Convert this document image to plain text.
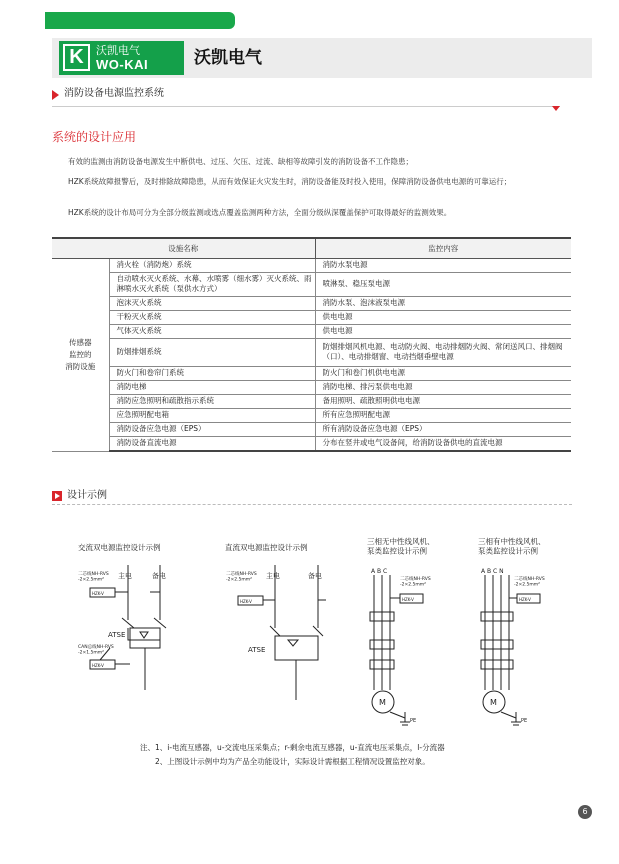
K	沃凯电气
WO-KAI	沃凯电气
消防设备电源监控系统
系统的设计应用
有效的监测由消防设备电源发生中断供电、过压、欠压、过流、缺相等故障引发的消防设备不工作隐患；
HZK系统故障报警后，及时排除故障隐患，从而有效保证火灾发生时，消防设备能及时投入使用，保障消防设备供电电源的可靠运行；
HZK系统的设计布局可分为全部分级监测或选点覆盖监测两种方法，全面分级纵深覆盖保护可取得最好的监测效果。
设施名称		监控内容
传感器
监控的
消防设施	消火栓（消防炮）系统	消防水泵电源
	自动喷水灭火系统、水幕、水喷雾（细水雾）灭火系统、雨淋喷水灭火系统（泵供水方式）	喷淋泵、稳压泵电源
	泡沫灭火系统	消防水泵、泡沫液泵电源
	干粉灭火系统	供电电源
	气体灭火系统	供电电源
	防烟排烟系统	防烟排烟风机电源、电动防火阀、电动排烟防火阀、常闭送风口、排烟阀（口）、电动排烟窗、电动挡烟垂壁电源
	防火门和卷帘门系统	防火门和卷门机供电电源
	消防电梯	消防电梯、排污泵供电电源
	消防应急照明和疏散指示系统	备用照明、疏散照明供电电源
	应急照明配电箱	所有应急照明配电源
	消防设备应急电源（EPS）	所有消防设备应急电源（EPS）
	消防设备直流电源	分布在竖井或电气设备间，给消防设备供电的直流电源
设计示例
交流双电源监控设计示例
二芯线NH-RVS -2×2.5mm²
主电	备电
HZK-V
ATSE
CAN总线NH-RVS -2×1.5mm²
HZK-V
直流双电源监控设计示例
二芯线NH-RVS -2×2.5mm²
主电	备电
HZK-V
ATSE
三相无中性线风机、泵类监控设计示例
A B C
二芯线NH-RVS -2×2.5mm²
HZK-V
M
PE
三相有中性线风机、泵类监控设计示例
A B C N
二芯线NH-RVS -2×2.5mm²
HZK-V
M
PE
注、1、i-电流互感器，u-交流电压采集点；r-剩余电流互感器，u-直流电压采集点，l-分流器
2、上图设计示例中均为产品全功能设计，实际设计需根据工程情况设置监控对象。
6
